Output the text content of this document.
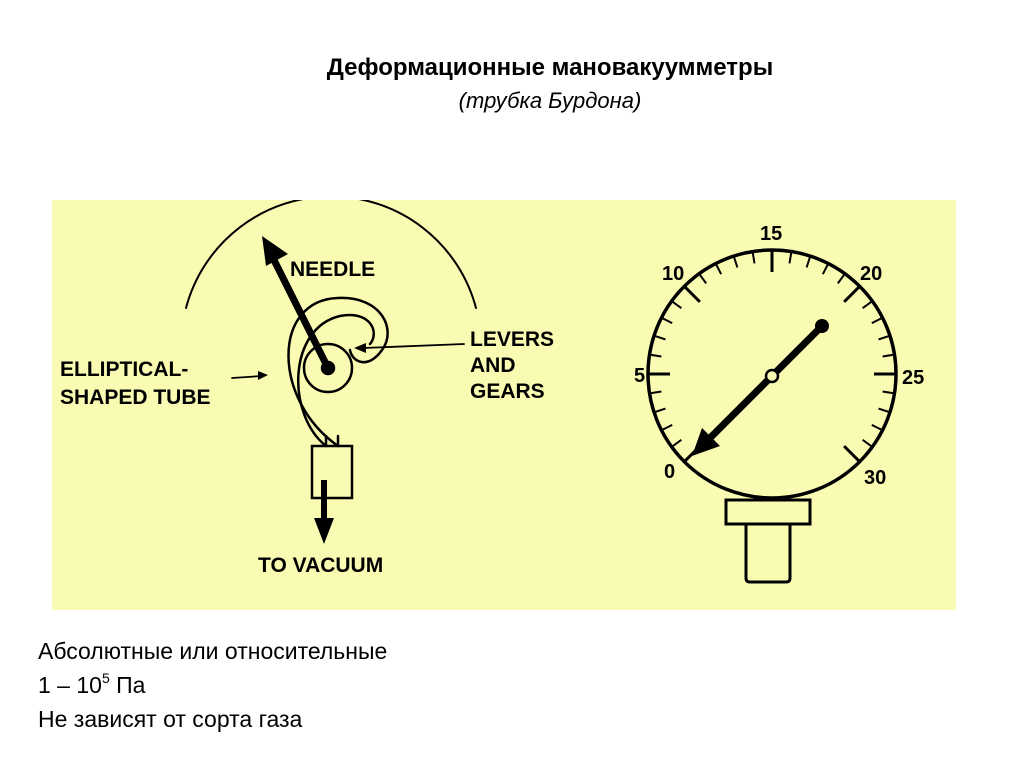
Деформационные мановакуумметры
(трубка Бурдона)
NEEDLE
LEVERS
AND
GEARS
ELLIPTICAL-
SHAPED TUBE
TO VACUUM
0
5
10
15
20
25
30
Абсолютные или относительные
$1 - 10^5$ Па
Не зависят от сорта газа
